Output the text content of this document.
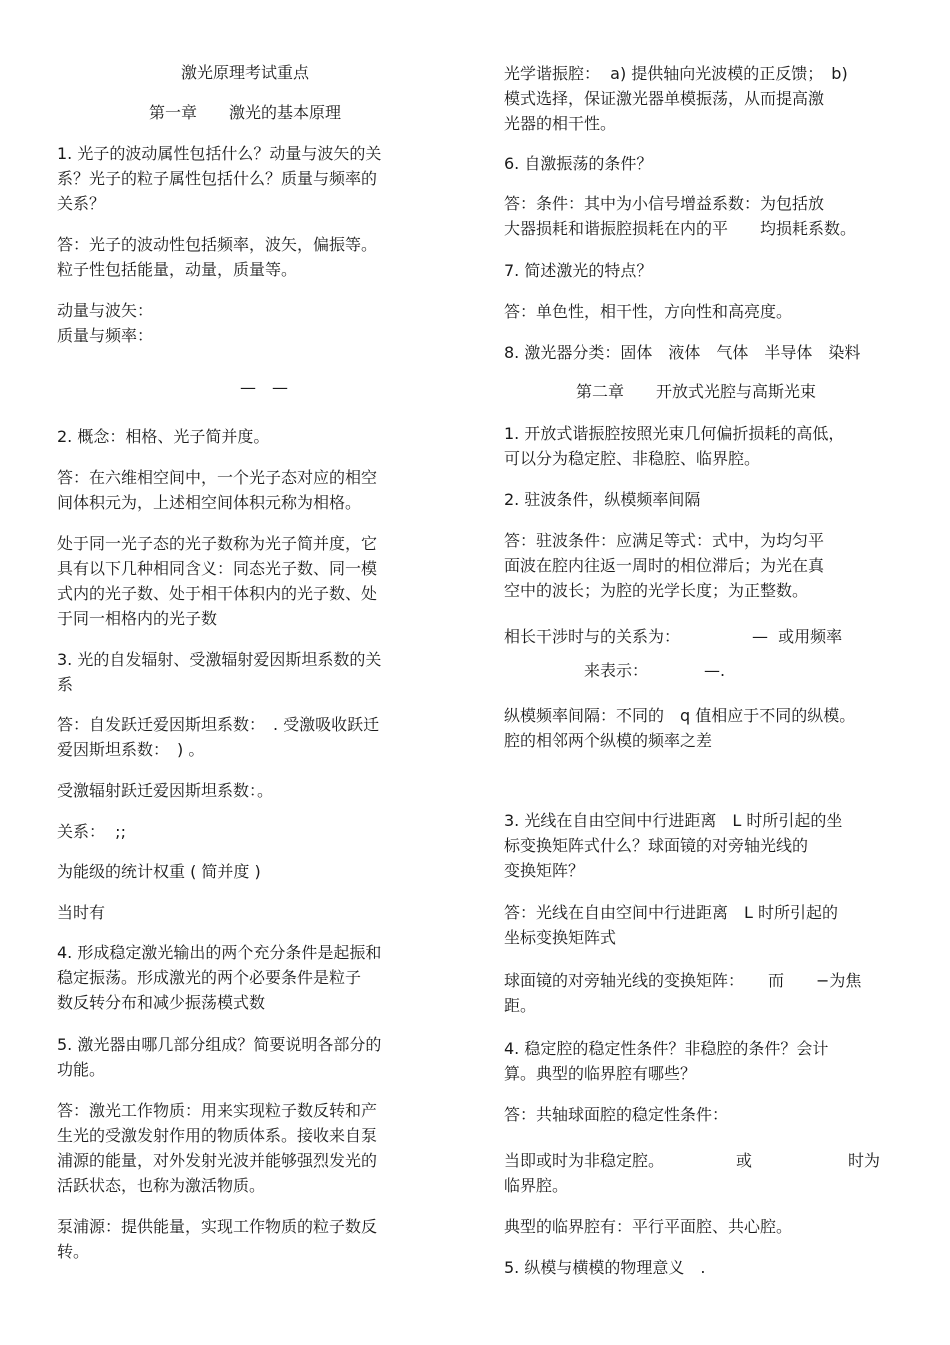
激光原理考试重点
第一章　　激光的基本原理
1. 光子的波动属性包括什么？动量与波矢的关
系？光子的粒子属性包括什么？质量与频率的
关系？
答：光子的波动性包括频率，波矢，偏振等。
粒子性包括能量，动量，质量等。
动量与波矢：
质量与频率：
—　—
2. 概念：相格、光子简并度。
答：在六维相空间中，一个光子态对应的相空
间体积元为，上述相空间体积元称为相格。
处于同一光子态的光子数称为光子简并度，它
具有以下几种相同含义：同态光子数、同一模
式内的光子数、处于相干体积内的光子数、处
于同一相格内的光子数
3. 光的自发辐射、受激辐射爱因斯坦系数的关
系
答：自发跃迁爱因斯坦系数：　. 受激吸收跃迁
爱因斯坦系数：　) 。
受激辐射跃迁爱因斯坦系数：。
关系：  ;;
为能级的统计权重 ( 简并度 )
当时有
4. 形成稳定激光输出的两个充分条件是起振和
稳定振荡。形成激光的两个必要条件是粒子
数反转分布和减少振荡模式数
5. 激光器由哪几部分组成？简要说明各部分的
功能。
答：激光工作物质：用来实现粒子数反转和产
生光的受激发射作用的物质体系。接收来自泵
浦源的能量，对外发射光波并能够强烈发光的
活跃状态，也称为激活物质。
泵浦源：提供能量，实现工作物质的粒子数反
转。
光学谐振腔：  a) 提供轴向光波模的正反馈；　b)
模式选择，保证激光器单模振荡，从而提高激
光器的相干性。
6. 自激振荡的条件？
答：条件：其中为小信号增益系数：为包括放
大器损耗和谐振腔损耗在内的平　　均损耗系数。
7. 简述激光的特点？
答：单色性，相干性，方向性和高亮度。
8. 激光器分类：固体　液体　气体　半导体　染料
第二章　　开放式光腔与高斯光束
1. 开放式谐振腔按照光束几何偏折损耗的高低，
可以分为稳定腔、非稳腔、临界腔。
2. 驻波条件，纵模频率间隔
答：驻波条件：应满足等式：式中，为均匀平
面波在腔内往返一周时的相位滞后；为光在真
空中的波长；为腔的光学长度；为正整数。
相长干涉时与的关系为：　　　　　—  或用频率
来表示：　　　　—.
纵模频率间隔：不同的　q 值相应于不同的纵模。
腔的相邻两个纵模的频率之差
3. 光线在自由空间中行进距离　L 时所引起的坐
标变换矩阵式什么？球面镜的对旁轴光线的
变换矩阵？
答：光线在自由空间中行进距离　L 时所引起的
坐标变换矩阵式
球面镜的对旁轴光线的变换矩阵：　　而　　−为焦
距。
4. 稳定腔的稳定性条件？非稳腔的条件？会计
算。典型的临界腔有哪些？
答：共轴球面腔的稳定性条件：
当即或时为非稳定腔。　　　　　或　　　　　　时为
临界腔。
典型的临界腔有：平行平面腔、共心腔。
5. 纵模与横模的物理意义　.
